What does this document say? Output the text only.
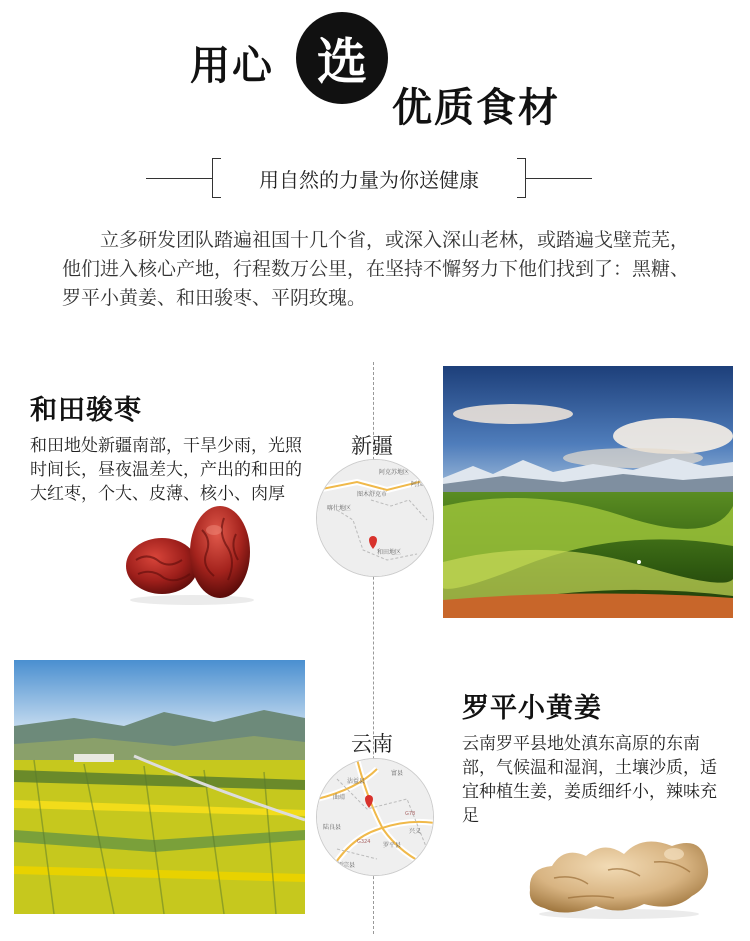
用心 选
优质食材
用自然的力量为你送健康

立多研发团队踏遍祖国十几个省，或深入深山老林，或踏遍戈壁荒芜，他们进入核心产地，行程数万公里，在坚持不懈努力下他们找到了：黑糖、罗平小黄姜、和田骏枣、平阴玫瑰。

和田骏枣
和田地处新疆南部，干旱少雨，光照时间长，昼夜温差大，产出的和田的大红枣，个大、皮薄、核小、肉厚
新疆
阿克苏地区
图木舒克市
喀什地区
阿拉
和田地区
云南
曲靖
罗平县
沾益县
陆良县
富县
兴义
师宗县
G324
G78
罗平小黄姜
云南罗平县地处滇东高原的东南部，气候温和湿润，土壤沙质，适宜种植生姜，姜质细纤小，辣味充足
